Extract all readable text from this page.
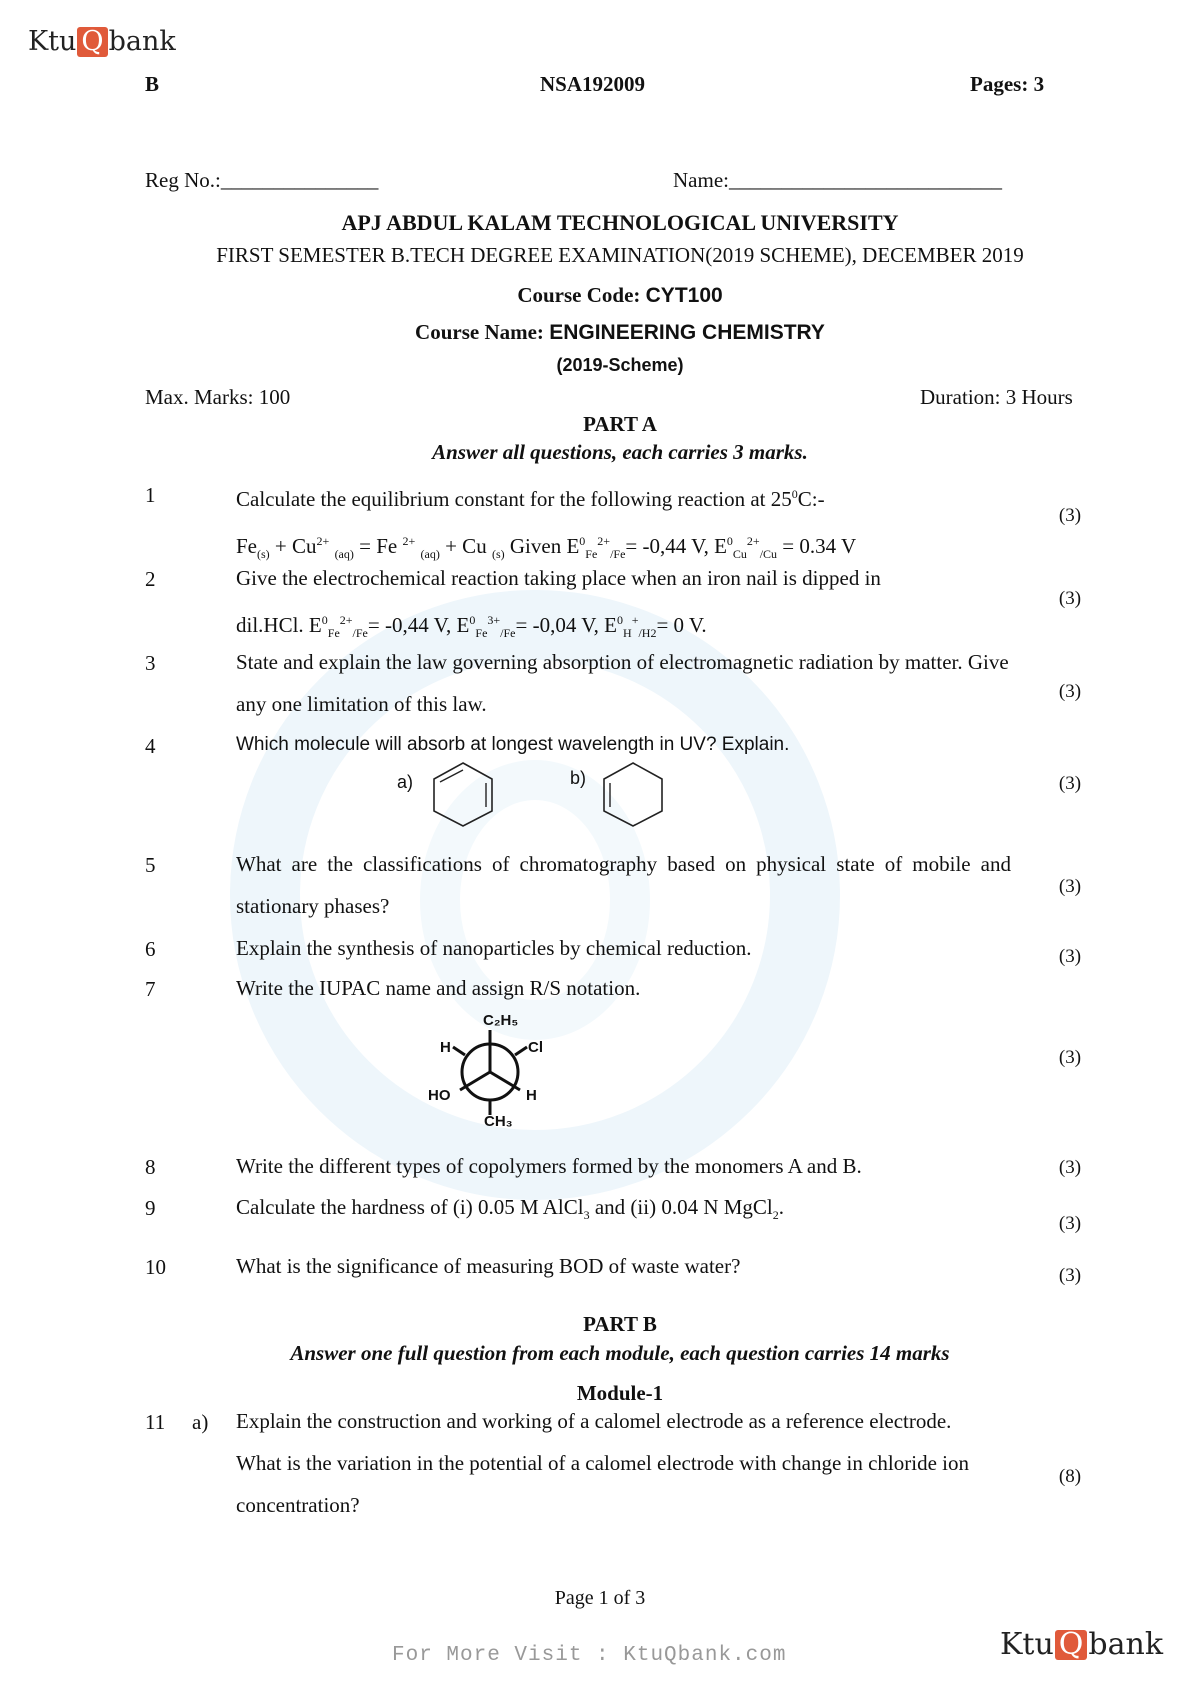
Ktu Q bank
B	NSA192009	Pages: 3
Reg No.:_______________	Name:__________________________
APJ ABDUL KALAM TECHNOLOGICAL UNIVERSITY
FIRST SEMESTER B.TECH DEGREE EXAMINATION(2019 SCHEME), DECEMBER 2019
Course Code: CYT100
Course Name: ENGINEERING CHEMISTRY
(2019-Scheme)
Max. Marks: 100	Duration: 3 Hours
PART A
Answer all questions, each carries 3 marks.
1	Calculate the equilibrium constant for the following reaction at $25^0C:-$
$Fe_{(s)} + Cu^{2+}$ $_{(aq)}$ = Fe $^{2+}$ $_{(aq)}$ + Cu $_{(s)}$ Given $E^0_{Fe}^{2+}_{/Fe}= -0,44$ V, $E^0_{Cu}^{2+}_{/Cu} = 0.34$ V
(3)
2	Give the electrochemical reaction taking place when an iron nail is dipped in
dil.HCl. $E^0_{Fe}^{2+}_{/Fe}= -0,44$ V, $E^0_{Fe}^{3+}_{/Fe}= -0,04$ V, $E^0_H^+_{/H2}= 0$ V.
(3)
3	State and explain the law governing absorption of electromagnetic radiation by matter. Give any one limitation of this law.
(3)
4	Which molecule will absorb at longest wavelength in UV? Explain.
a)	b)	(3)
5	What are the classifications of chromatography based on physical state of mobile and stationary phases?
(3)
6	Explain the synthesis of nanoparticles by chemical reduction.	(3)
7	Write the IUPAC name and assign R/S notation.
C₂H₅
H	Cl
HO	H
CH₃
(3)
8	Write the different types of copolymers formed by the monomers A and B.	(3)
9	Calculate the hardness of (i) 0.05 M AlCl$_3$ and (ii) 0.04 N MgCl$_2$.
(3)
10	What is the significance of measuring BOD of waste water?	(3)
PART B
Answer one full question from each module, each question carries 14 marks
Module-1
11 a) Explain the construction and working of a calomel electrode as a reference electrode. What is the variation in the potential of a calomel electrode with change in chloride ion concentration?
(8)
Page 1 of 3
For More Visit : KtuQbank.com	Ktu Q bank
